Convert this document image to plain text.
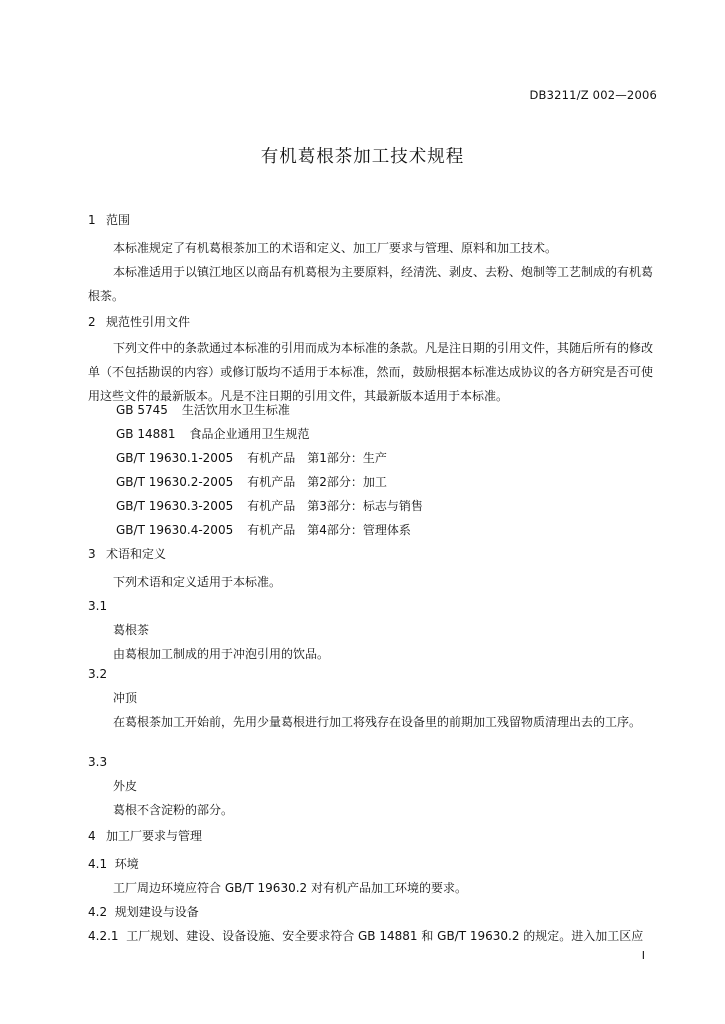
DB3211/Z 002—2006
有机葛根茶加工技术规程
1 范围
本标准规定了有机葛根茶加工的术语和定义、加工厂要求与管理、原料和加工技术。
本标准适用于以镇江地区以商品有机葛根为主要原料，经清洗、剥皮、去粉、炮制等工艺制成的有机葛根茶。
2 规范性引用文件
下列文件中的条款通过本标准的引用而成为本标准的条款。凡是注日期的引用文件，其随后所有的修改单（不包括勘误的内容）或修订版均不适用于本标准，然而，鼓励根据本标准达成协议的各方研究是否可使用这些文件的最新版本。凡是不注日期的引用文件，其最新版本适用于本标准。
GB 5745 生活饮用水卫生标准
GB 14881 食品企业通用卫生规范
GB/T 19630.1-2005 有机产品　第1部分：生产
GB/T 19630.2-2005 有机产品　第2部分：加工
GB/T 19630.3-2005 有机产品　第3部分：标志与销售
GB/T 19630.4-2005 有机产品　第4部分：管理体系
3 术语和定义
下列术语和定义适用于本标准。
3.1
葛根茶
由葛根加工制成的用于冲泡引用的饮品。
3.2
冲顶
在葛根茶加工开始前，先用少量葛根进行加工将残存在设备里的前期加工残留物质清理出去的工序。
3.3
外皮
葛根不含淀粉的部分。
4 加工厂要求与管理
4.1 环境
工厂周边环境应符合 GB/T 19630.2 对有机产品加工环境的要求。
4.2 规划建设与设备
4.2.1 工厂规划、建设、设备设施、安全要求符合 GB 14881 和 GB/T 19630.2 的规定。进入加工区应
I
